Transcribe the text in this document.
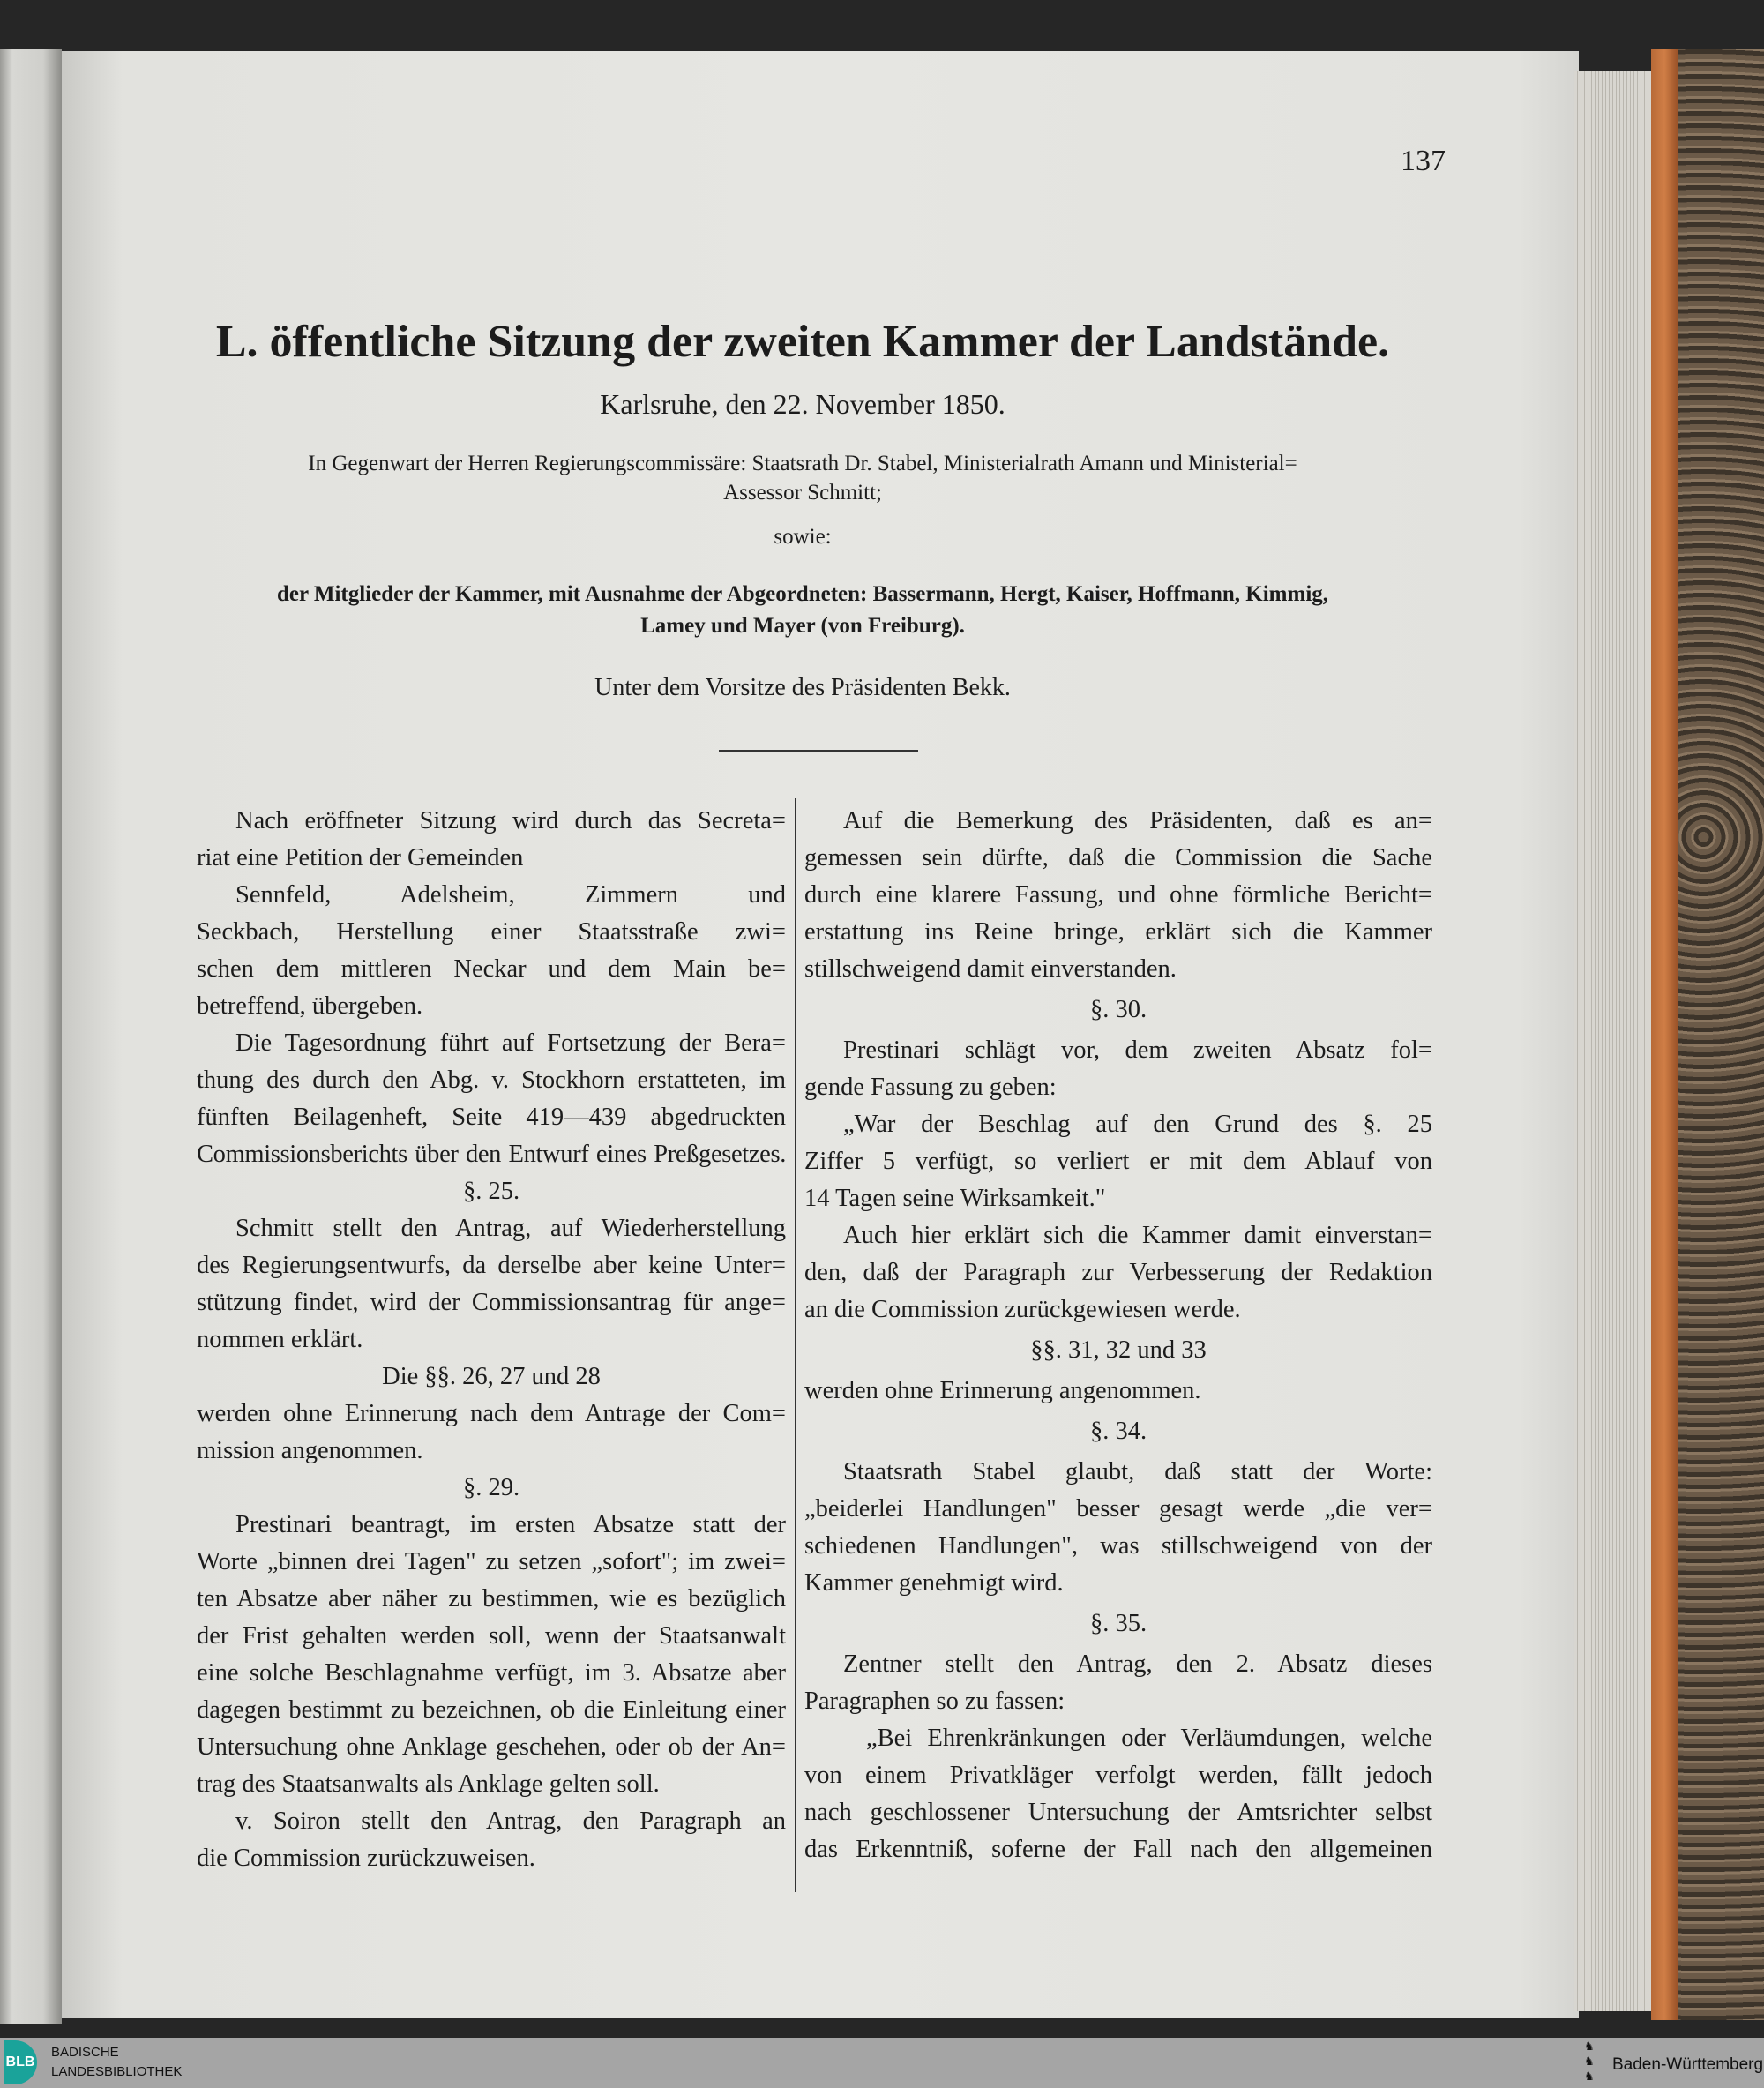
137
L. öffentliche Sitzung der zweiten Kammer der Landstände.
Karlsruhe, den 22. November 1850.
In Gegenwart der Herren Regierungscommissäre: Staatsrath Dr. Stabel, Ministerialrath Amann und Ministerial=
Assessor Schmitt;
sowie:
der Mitglieder der Kammer, mit Ausnahme der Abgeordneten: Bassermann, Hergt, Kaiser, Hoffmann, Kimmig,
Lamey und Mayer (von Freiburg).
Unter dem Vorsitze des Präsidenten Bekk.
Nach eröffneter Sitzung wird durch das Secreta=
riat eine Petition der Gemeinden
Sennfeld, Adelsheim, Zimmern und
Seckbach, Herstellung einer Staatsstraße zwi=
schen dem mittleren Neckar und dem Main be=
betreffend, übergeben.
Die Tagesordnung führt auf Fortsetzung der Bera=
thung des durch den Abg. v. Stockhorn erstatteten, im
fünften Beilagenheft, Seite 419—439 abgedruckten
Commissionsberichts über den Entwurf eines Preßgesetzes.
§. 25.
Schmitt stellt den Antrag, auf Wiederherstellung
des Regierungsentwurfs, da derselbe aber keine Unter=
stützung findet, wird der Commissionsantrag für ange=
nommen erklärt.
Die §§. 26, 27 und 28
werden ohne Erinnerung nach dem Antrage der Com=
mission angenommen.
§. 29.
Prestinari beantragt, im ersten Absatze statt der
Worte „binnen drei Tagen" zu setzen „sofort"; im zwei=
ten Absatze aber näher zu bestimmen, wie es bezüglich
der Frist gehalten werden soll, wenn der Staatsanwalt
eine solche Beschlagnahme verfügt, im 3. Absatze aber
dagegen bestimmt zu bezeichnen, ob die Einleitung einer
Untersuchung ohne Anklage geschehen, oder ob der An=
trag des Staatsanwalts als Anklage gelten soll.
v. Soiron stellt den Antrag, den Paragraph an
die Commission zurückzuweisen.
Auf die Bemerkung des Präsidenten, daß es an=
gemessen sein dürfte, daß die Commission die Sache
durch eine klarere Fassung, und ohne förmliche Bericht=
erstattung ins Reine bringe, erklärt sich die Kammer
stillschweigend damit einverstanden.
§. 30.
Prestinari schlägt vor, dem zweiten Absatz fol=
gende Fassung zu geben:
„War der Beschlag auf den Grund des §. 25
Ziffer 5 verfügt, so verliert er mit dem Ablauf von
14 Tagen seine Wirksamkeit."
Auch hier erklärt sich die Kammer damit einverstan=
den, daß der Paragraph zur Verbesserung der Redaktion
an die Commission zurückgewiesen werde.
§§. 31, 32 und 33
werden ohne Erinnerung angenommen.
§. 34.
Staatsrath Stabel glaubt, daß statt der Worte:
„beiderlei Handlungen" besser gesagt werde „die ver=
schiedenen Handlungen", was stillschweigend von der
Kammer genehmigt wird.
§. 35.
Zentner stellt den Antrag, den 2. Absatz dieses
Paragraphen so zu fassen:
„Bei Ehrenkränkungen oder Verläumdungen, welche
von einem Privatkläger verfolgt werden, fällt jedoch
nach geschlossener Untersuchung der Amtsrichter selbst
das Erkenntniß, soferne der Fall nach den allgemeinen
BLB
BADISCHE
LANDESBIBLIOTHEK
♞
♞
♞
Baden-Württemberg
